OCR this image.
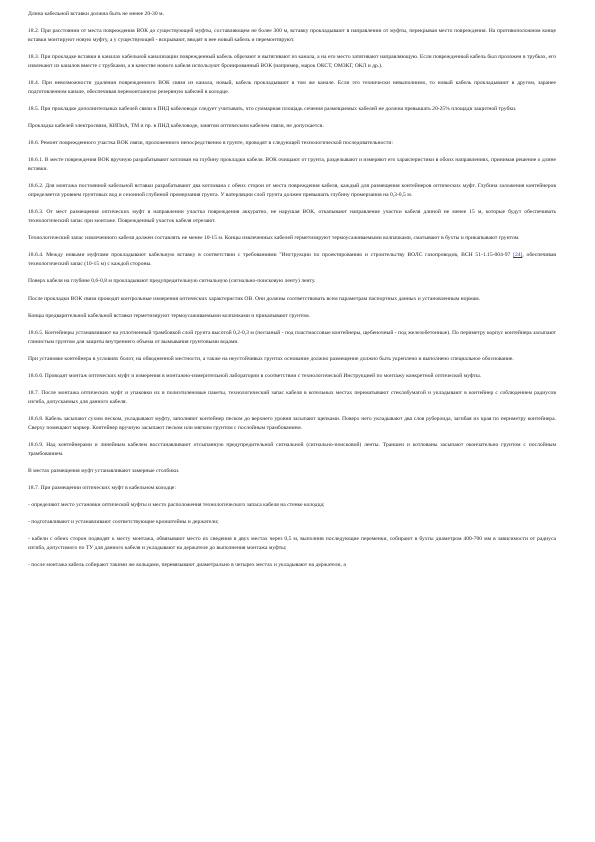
Длина кабельной вставки должна быть не менее 20-30 м.

18.2. При расстоянии от места повреждения ВОК до существующей муфты, составляющем не более 300 м, вставку прокладывают в направлении от муфты, перекрывая место повреждения. На противоположном конце вставки монтируют новую муфту, а у существующей - вскрывают, вводят в нее новый кабель и перемонтируют.

18.3. При прокладке вставки в каналах кабельной канализации поврежденный кабель обрезают и вытягивают из канала, а на его место затягивают направляющую. Если поврежденный кабель был проложен в трубках, его извлекают из каналов вместе с трубками, а в качестве нового кабеля используют бронированный ВОК (например, марок ОКСТ, ОМЗКГ, ОКЛ и др.).

18.4. При невозможности удаления поврежденного ВОК связи из канала, новый, кабель прокладывают в том же канале. Если это технически невыполнимо, то новый кабель прокладывают в другом, заранее подготовленном канале, обеспечивая перемонтажную резервную кабелей в колодце.

18.5. При прокладке дополнительных кабелей связи в ПНД кабеловоде следует учитывать, что суммарная площадь сечения размещаемых кабелей не должна превышать 20-25% площади защитной трубки.

Прокладка кабелей электросвязи, КИПиА, ТМ и пр. в ПНД кабеловоде, занятом оптическим кабелем связи, не допускается.

18.6. Ремонт поврежденного участка ВОК связи, проложенного непосредственно в грунте, проводят в следующей технологической последовательности:

18.6.1. В месте повреждения ВОК вручную разрабатывают котлован на глубину прокладки кабеля. ВОК очищают от грунта, разделывают и измеряют его характеристики в обоих направлениях, принимая решение о длине вставки.

18.6.2. Для монтажа постоянной кабельной вставки разрабатывают два котлована с обеих сторон от места повреждения кабеля, каждый для размещения контейнеров оптических муфт. Глубина заложения контейнеров определяется уровнем грунтовых вод и сезонной глубиной промерзания грунта. У ватерляции слой грунта должен превышать глубину промерзания на 0,3-0,5 м.

18.6.3. От мест размещения оптических муфт в направлении участка повреждения аккуратно, не нарушая ВОК, откапывают направление участки кабеля длиной не менее 15 м, которые будут обеспечивать технологический запас при монтаже. Поврежденный участок кабеля отрезают.

Технологический запас извлеченного кабеля должен составлять не менее 10-15 м. Концы извлеченных кабелей герметизируют термоусаживаемыми колпачками, сматывают в бухты и прикапывают грунтом.

18.6.4. Между новыми муфтами прокладывают кабельную вставку в соответствии с требованиями "Инструкции по проектированию и строительству ВОЛС газопроводов, ВСН 51-1.15-004-97 [24], обеспечивая технологический запас (10-15 м) с каждой стороны.

Поверх кабеля на глубине 0,6-0,8 м прокладывают предупредительную сигнальную (сигнально-поисковую ленту) ленту.

После прокладки ВОК связи проводят контрольные измерения оптических характеристик ОВ. Они должны соответствовать всем параметрам паспортных данных и установленным нормам.

Концы предварительной кабельной вставки герметизируют термоусаживаемыми колпачками и прикапывают грунтом.

18.6.5. Контейнеры устанавливают на уплотненный трамбовкой слой грунта высотой 0,2-0,3 м (песчаный - под пластмассовые контейнеры, щебеночный - под железобетонные). По периметру корпус контейнера засыпают глинистым грунтом для защиты внутреннего объема от вымывания грунтовыми водами.

При установке контейнера в условиях болот, на обводненной местности, а также на неустойчивых грунтах основание должно размещение должно быть укреплено и выполнено специальное обоснование.

18.6.6. Проводят монтаж оптических муфт и измерения в монтажно-измерительной лаборатории в соответствии с технологической Инструкцией по монтажу конкретной оптической муфты.

18.7. После монтажа оптических муфт и упаковки их в полиэтиленовые пакеты, технологический запас кабеля в котельных местах перематывают стеклобумагой и укладывают в контейнер с соблюдением радиусов изгиба, допускаемых для данного кабеля.

18.6.8. Кабель засыпают сухим песком, укладывают муфту, заполняют контейнер песком до верхнего уровня засыпают щепками. Поверх него укладывают два слоя рубероида, загибая их края по периметру контейнера. Сверху помещают маркер. Контейнер вручную засыпают песком или мягким грунтом с послойным трамбованием.

18.6.9. Над контейнерами и линейным кабелем восстанавливают отсыпанную предупредительной сигнальной (сигнально-поисковой) ленты. Траншеи и котлованы засыпают окончательно грунтом с послойным трамбованием.

В местах размещения муфт устанавливают замерные столбики.

18.7. При размещении оптических муфт в кабельном колодце:

- определяют место установки оптической муфты и место расположения технологического запаса кабеля на стенке колодца;

- подготавливают и устанавливают соответствующие кронштейны и держатели;

- кабели с обеих сторон подводят к месту монтажа, обвязывают место их сведения в двух местах через 0,5 м, выполнив последующие переменки, собирают в бухты диаметром 400-700 мм в зависимости от радиуса изгиба, допустимого по ТУ для данного кабеля и укладывают на держателе до выполнения монтажа муфты;

- после монтажа кабель собирают такими же кольцами, перевязывают диаметрально в четырех местах и укладывают на держатели, а
